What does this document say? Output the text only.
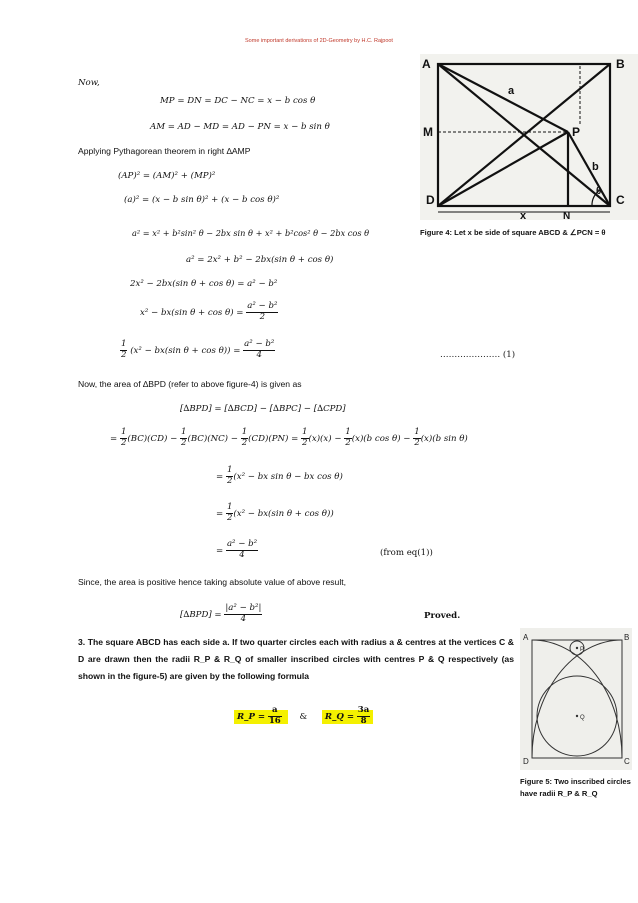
Some important derivations of 2D-Geometry by H.C. Rajpoot
A	B
M	P
D
N
C
a
b
x
θ
Figure 4: Let x be side of square ABCD & ∠PCN = θ
Now,
MP = DN = DC − NC = x − b cos θ
AM = AD − MD = AD − PN = x − b sin θ
Applying Pythagorean theorem in right ∆AMP
(AP)² = (AM)² + (MP)²
(a)² = (x − b sin θ)² + (x − b cos θ)²
a² = x² + b²sin² θ − 2bx sin θ + x² + b²cos² θ − 2bx cos θ
a² = 2x² + b² − 2bx(sin θ + cos θ)
2x² − 2bx(sin θ + cos θ) = a² − b²
x² − bx(sin $\theta + \cos \theta) = \frac{\text{a² − b²}}{2}$
$\frac{1}{2} (x^2 - bx(\sin$ $\theta + \cos \theta)) = \frac{\text{a² − b²}}{4}$	………………… (1)
Now, the area of ∆BPD (refer to above figure-4) is given as
[∆BPD] = [∆BCD] − [∆BPC] − [∆CPD]
= $\frac{1}{2} (BC)(CD) - \frac{1}{2} (BC)(NC) - \frac{1}{2} (CD)(PN) = \frac{1}{2} (x)(x) - \frac{1}{2} (x)(b$ $\cos \theta) - \frac{1}{2} (x)(b$ sin θ)
= $\frac{1}{2} (x^2$ − bx sin θ − bx cos θ)
= $\frac{1}{2} (x^2 - bx(\sin$ θ + cos θ))
= $\frac{\text{a² − b²}}{4}$	(from eq(1))
Since, the area is positive hence taking absolute value of above result,
$[\Delta BPD] = \frac{\text{|a² − b²|}}{4}$	Proved.
3. The square ABCD has each side a. If two quarter circles each with radius a & centres at the vertices C & D are drawn then the radii R_P & R_Q of smaller inscribed circles with centres P & Q respectively (as shown in the figure-5) are given by the following formula
R_P = $\frac{a}{16}$ & R_Q = $\frac{3a}{8}$
A	B
D	C
P
Q
Figure 5: Two inscribed circles have radii R_P & R_Q
